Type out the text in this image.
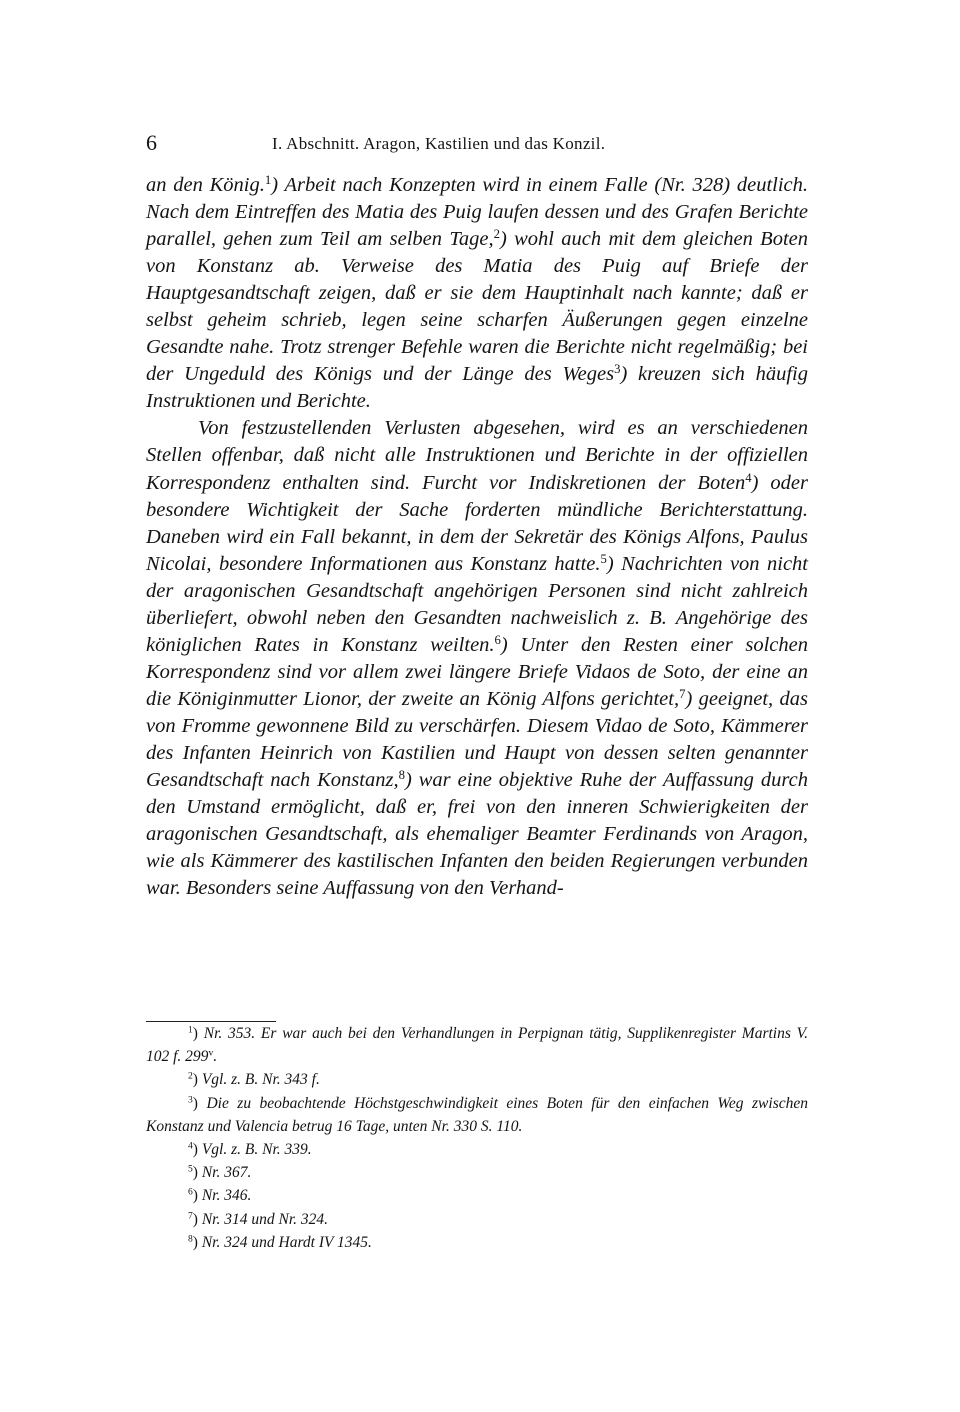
6	I. Abschnitt. Aragon, Kastilien und das Konzil.

an den König.$^1$) Arbeit nach Konzepten wird in einem Falle (Nr. 328) deutlich. Nach dem Eintreffen des Matia des Puig laufen dessen und des Grafen Berichte parallel, gehen zum Teil am selben Tage,$^2$) wohl auch mit dem gleichen Boten von Konstanz ab. Verweise des Matia des Puig auf Briefe der Hauptgesandtschaft zeigen, daß er sie dem Hauptinhalt nach kannte; daß er selbst geheim schrieb, legen seine scharfen Äußerungen gegen einzelne Gesandte nahe. Trotz strenger Befehle waren die Berichte nicht regelmäßig; bei der Ungeduld des Königs und der Länge des Weges$^3$) kreuzen sich häufig Instruktionen und Berichte.

Von festzustellenden Verlusten abgesehen, wird es an verschiedenen Stellen offenbar, daß nicht alle Instruktionen und Berichte in der offiziellen Korrespondenz enthalten sind. Furcht vor Indiskretionen der Boten$^4$) oder besondere Wichtigkeit der Sache forderten mündliche Berichterstattung. Daneben wird ein Fall bekannt, in dem der Sekretär des Königs Alfons, Paulus Nicolai, besondere Informationen aus Konstanz hatte.$^5$) Nachrichten von nicht der aragonischen Gesandtschaft angehörigen Personen sind nicht zahlreich überliefert, obwohl neben den Gesandten nachweislich z. B. Angehörige des königlichen Rates in Konstanz weilten.$^6$) Unter den Resten einer solchen Korrespondenz sind vor allem zwei längere Briefe Vidaos de Soto, der eine an die Königinmutter Lionor, der zweite an König Alfons gerichtet,$^7$) geeignet, das von Fromme gewonnene Bild zu verschärfen. Diesem Vidao de Soto, Kämmerer des Infanten Heinrich von Kastilien und Haupt von dessen selten genannter Gesandtschaft nach Konstanz,$^8$) war eine objektive Ruhe der Auffassung durch den Umstand ermöglicht, daß er, frei von den inneren Schwierigkeiten der aragonischen Gesandtschaft, als ehemaliger Beamter Ferdinands von Aragon, wie als Kämmerer des kastilischen Infanten den beiden Regierungen verbunden war. Besonders seine Auffassung von den Verhand-

$^1$) Nr. 353. Er war auch bei den Verhandlungen in Perpignan tätig, Supplikenregister Martins V. 102 f. 299$^v$.

$^2$) Vgl. z. B. Nr. 343 f.

$^3$) Die zu beobachtende Höchstgeschwindigkeit eines Boten für den einfachen Weg zwischen Konstanz und Valencia betrug 16 Tage, unten Nr. 330 S. 110.

$^4$) Vgl. z. B. Nr. 339.

$^5$) Nr. 367.

$^6$) Nr. 346.

$^7$) Nr. 314 und Nr. 324.

$^8$) Nr. 324 und Hardt IV 1345.
